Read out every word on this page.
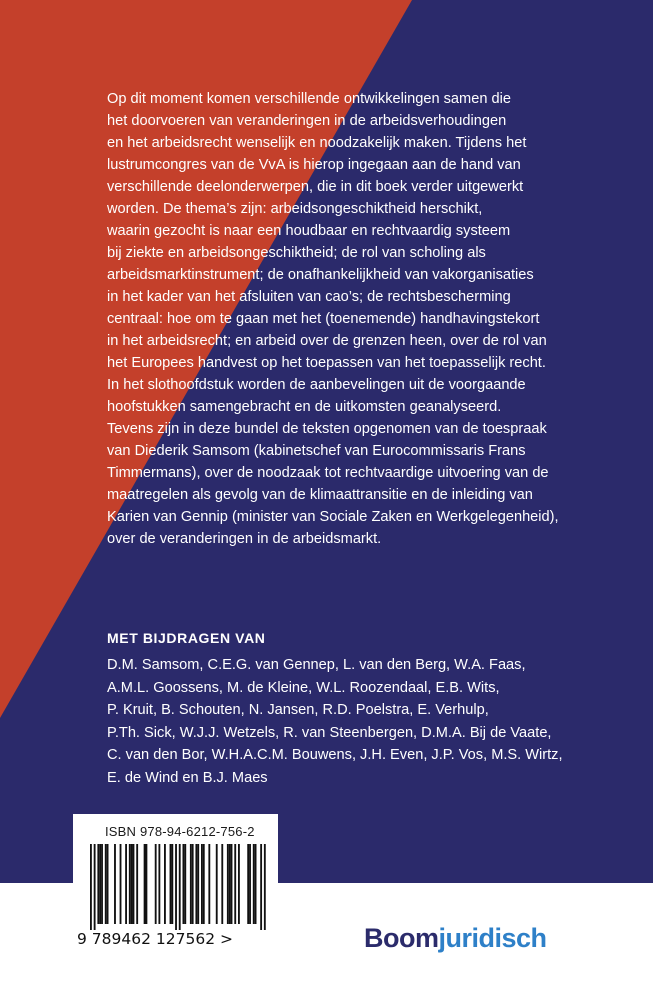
Op dit moment komen verschillende ontwikkelingen samen die
het doorvoeren van veranderingen in de arbeidsverhoudingen
en het arbeidsrecht wenselijk en noodzakelijk maken. Tijdens het
lustrumcongres van de VvA is hierop ingegaan aan de hand van
verschillende deelonderwerpen, die in dit boek verder uitgewerkt
worden. De thema’s zijn: arbeidsongeschiktheid herschikt,
waarin gezocht is naar een houdbaar en rechtvaardig systeem
bij ziekte en arbeidsongeschiktheid; de rol van scholing als
arbeidsmarktinstrument; de onafhankelijkheid van vakorganisaties
in het kader van het afsluiten van cao’s; de rechtsbescherming
centraal: hoe om te gaan met het (toenemende) handhavingstekort
in het arbeidsrecht; en arbeid over de grenzen heen, over de rol van
het Europees handvest op het toepassen van het toepasselijk recht.
In het slothoofdstuk worden de aanbevelingen uit de voorgaande
hoofstukken samengebracht en de uitkomsten geanalyseerd.
Tevens zijn in deze bundel de teksten opgenomen van de toespraak
van Diederik Samsom (kabinetschef van Eurocommissaris Frans
Timmermans), over de noodzaak tot rechtvaardige uitvoering van de
maatregelen als gevolg van de klimaattransitie en de inleiding van
Karien van Gennip (minister van Sociale Zaken en Werkgelegenheid),
over de veranderingen in de arbeidsmarkt.
MET BIJDRAGEN VAN
D.M. Samsom, C.E.G. van Gennep, L. van den Berg, W.A. Faas,
A.M.L. Goossens, M. de Kleine, W.L. Roozendaal, E.B. Wits,
P. Kruit, B. Schouten, N. Jansen, R.D. Poelstra, E. Verhulp,
P.Th. Sick, W.J.J. Wetzels, R. van Steenbergen, D.M.A. Bij de Vaate,
C. van den Bor, W.H.A.C.M. Bouwens, J.H. Even, J.P. Vos, M.S. Wirtz,
E. de Wind en B.J. Maes
ISBN 978-94-6212-756-2
9 789462 127562 >	Boomjuridisch
